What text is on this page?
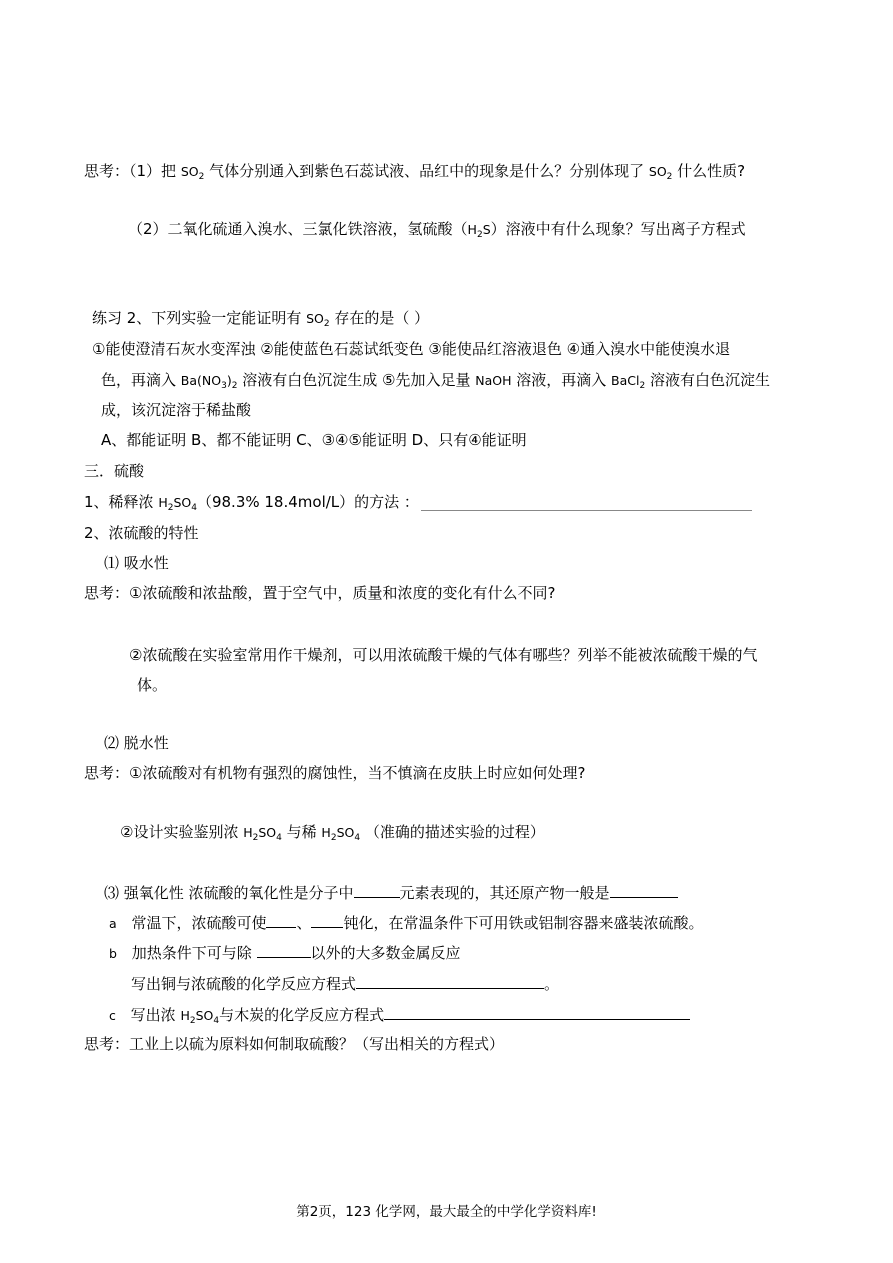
思考：（1）把 $SO_2$ 气体分别通入到紫色石蕊试液、品红中的现象是什么？分别体现了 $SO_2$ 什么性质?
（2）二氧化硫通入溴水、三氯化铁溶液，氢硫酸$(H_2S)$溶液中有什么现象？写出离子方程式
练习 2、下列实验一定能证明有 $SO_2$ 存在的是（ ）
①能使澄清石灰水变浑浊 ②能使蓝色石蕊试纸变色 ③能使品红溶液退色 ④通入溴水中能使溴水退
色，再滴入 $Ba(NO_3)_2$ 溶液有白色沉淀生成 ⑤先加入足量 NaOH 溶液，再滴入 BaCl$_2$ 溶液有白色沉淀生
成，该沉淀溶于稀盐酸
A、都能证明 B、都不能证明 C、③④⑤能证明 D、只有④能证明
三．硫酸
1、稀释浓 $H_2SO_4(98.3\%$ 18.4mol/L）的方法 ：
2、浓硫酸的特性
⑴ 吸水性
思考：①浓硫酸和浓盐酸，置于空气中，质量和浓度的变化有什么不同?
②浓硫酸在实验室常用作干燥剂，可以用浓硫酸干燥的气体有哪些？列举不能被浓硫酸干燥的气
体。
⑵ 脱水性
思考：①浓硫酸对有机物有强烈的腐蚀性，当不慎滴在皮肤上时应如何处理?
②设计实验鉴别浓 $H_2SO_4$ 与稀 $H_2SO_4$ （准确的描述实验的过程）
⑶ 强氧化性 浓硫酸的氧化性是分子中	元素表现的，其还原产物一般是
a 常温下，浓硫酸可使 、 钝化，在常温条件下可用铁或铝制容器来盛装浓硫酸。
b 加热条件下可与除	以外的大多数金属反应
写出铜与浓硫酸的化学反应方程式	。
c 写出浓 $H_2SO_4$与木炭的化学反应方程式
思考：工业上以硫为原料如何制取硫酸？（写出相关的方程式）
第2页，123 化学网，最大最全的中学化学资料库!
